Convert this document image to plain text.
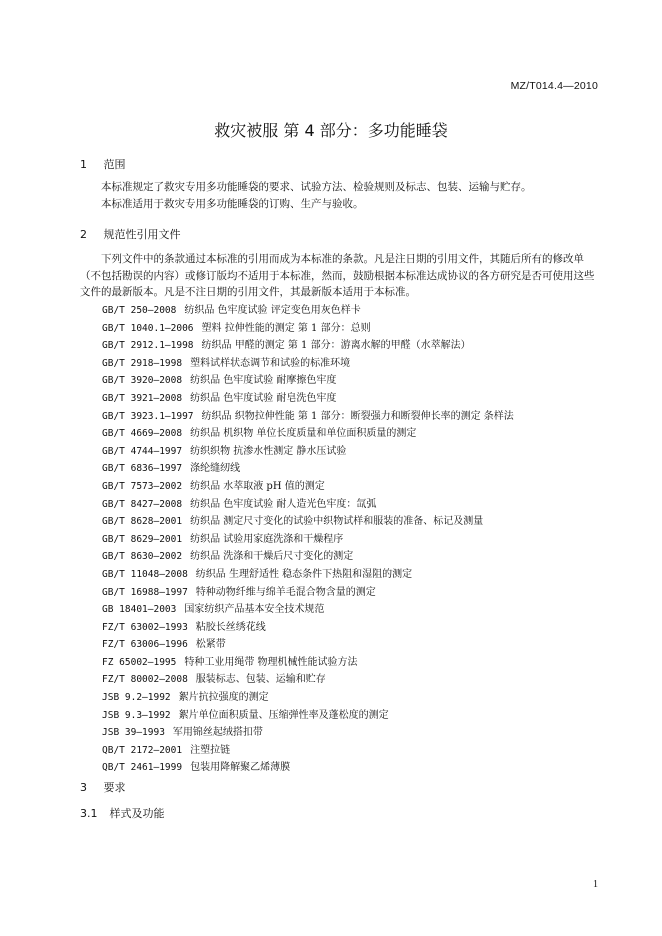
MZ/T014.4—2010
救灾被服 第 4 部分：多功能睡袋
1 范围

本标准规定了救灾专用多功能睡袋的要求、试验方法、检验规则及标志、包装、运输与贮存。

本标准适用于救灾专用多功能睡袋的订购、生产与验收。

2 规范性引用文件

下列文件中的条款通过本标准的引用而成为本标准的条款。凡是注日期的引用文件，其随后所有的修改单（不包括勘误的内容）或修订版均不适用于本标准，然而，鼓励根据本标准达成协议的各方研究是否可使用这些文件的最新版本。凡是不注日期的引用文件，其最新版本适用于本标准。

GB/T 250—2008 纺织品 色牢度试验 评定变色用灰色样卡
GB/T 1040.1—2006 塑料 拉伸性能的测定 第 1 部分：总则
GB/T 2912.1—1998 纺织品 甲醛的测定 第 1 部分：游离水解的甲醛（水萃解法）
GB/T 2918—1998 塑料试样状态调节和试验的标准环境
GB/T 3920—2008 纺织品 色牢度试验 耐摩擦色牢度
GB/T 3921—2008 纺织品 色牢度试验 耐皂洗色牢度
GB/T 3923.1—1997 纺织品 织物拉伸性能 第 1 部分：断裂强力和断裂伸长率的测定 条样法
GB/T 4669—2008 纺织品 机织物 单位长度质量和单位面积质量的测定
GB/T 4744—1997 纺织织物 抗渗水性测定 静水压试验
GB/T 6836—1997 涤纶缝纫线
GB/T 7573—2002 纺织品 水萃取液 pH 值的测定
GB/T 8427—2008 纺织品 色牢度试验 耐人造光色牢度：氙弧
GB/T 8628—2001 纺织品 测定尺寸变化的试验中织物试样和服装的准备、标记及测量
GB/T 8629—2001 纺织品 试验用家庭洗涤和干燥程序
GB/T 8630—2002 纺织品 洗涤和干燥后尺寸变化的测定
GB/T 11048—2008 纺织品 生理舒适性 稳态条件下热阻和湿阻的测定
GB/T 16988—1997 特种动物纤维与绵羊毛混合物含量的测定
GB 18401—2003 国家纺织产品基本安全技术规范
FZ/T 63002—1993 粘胶长丝绣花线
FZ/T 63006—1996 松紧带
FZ 65002—1995 特种工业用绳带 物理机械性能试验方法
FZ/T 80002—2008 服装标志、包装、运输和贮存
JSB 9.2—1992 絮片抗拉强度的测定
JSB 9.3—1992 絮片单位面积质量、压缩弹性率及蓬松度的测定
JSB 39—1993 军用锦丝起绒搭扣带
QB/T 2172—2001 注塑拉链
QB/T 2461—1999 包装用降解聚乙烯薄膜
3 要求
3.1 样式及功能
1
